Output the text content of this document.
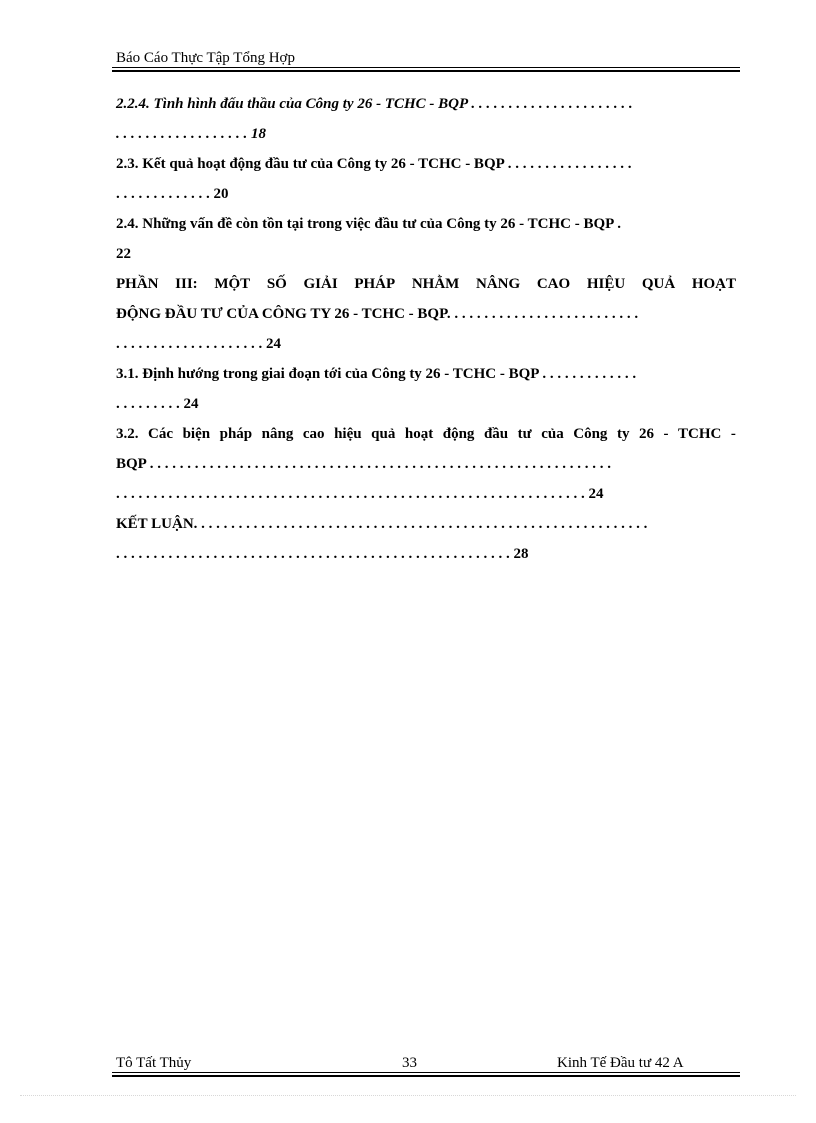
Báo Cáo Thực Tập Tổng Hợp
2.2.4. Tình hình đấu thầu của Công ty 26 - TCHC - BQP . . . . . . . . . . . . . . . . . . . . . .
. . . . . . . . . . . . . . . . . . 18
2.3. Kết quả hoạt động đầu tư của Công ty 26 - TCHC - BQP . . . . . . . . . . . . . . . . .
. . . . . . . . . . . . . 20
2.4. Những vấn đề còn tồn tại trong việc đầu tư của Công ty 26 - TCHC - BQP .
22
PHẦN III: MỘT SỐ GIẢI PHÁP NHẰM NÂNG CAO HIỆU QUẢ HOẠT
ĐỘNG ĐẦU TƯ CỦA CÔNG TY 26 - TCHC - BQP. . . . . . . . . . . . . . . . . . . . . . . . . .
. . . . . . . . . . . . . . . . . . . . 24
3.1. Định hướng trong giai đoạn tới của Công ty 26 - TCHC - BQP . . . . . . . . . . . . .
. . . . . . . . . 24
3.2. Các biện pháp nâng cao hiệu quả hoạt động đầu tư của Công ty 26 - TCHC -
BQP . . . . . . . . . . . . . . . . . . . . . . . . . . . . . . . . . . . . . . . . . . . . . . . . . . . . . . . . . . . . . .
. . . . . . . . . . . . . . . . . . . . . . . . . . . . . . . . . . . . . . . . . . . . . . . . . . . . . . . . . . . . . . . 24
KẾT LUẬN. . . . . . . . . . . . . . . . . . . . . . . . . . . . . . . . . . . . . . . . . . . . . . . . . . . . . . . . . . . . .
. . . . . . . . . . . . . . . . . . . . . . . . . . . . . . . . . . . . . . . . . . . . . . . . . . . . . 28
Tô Tất Thủy	33	Kinh Tế Đầu tư 42 A
